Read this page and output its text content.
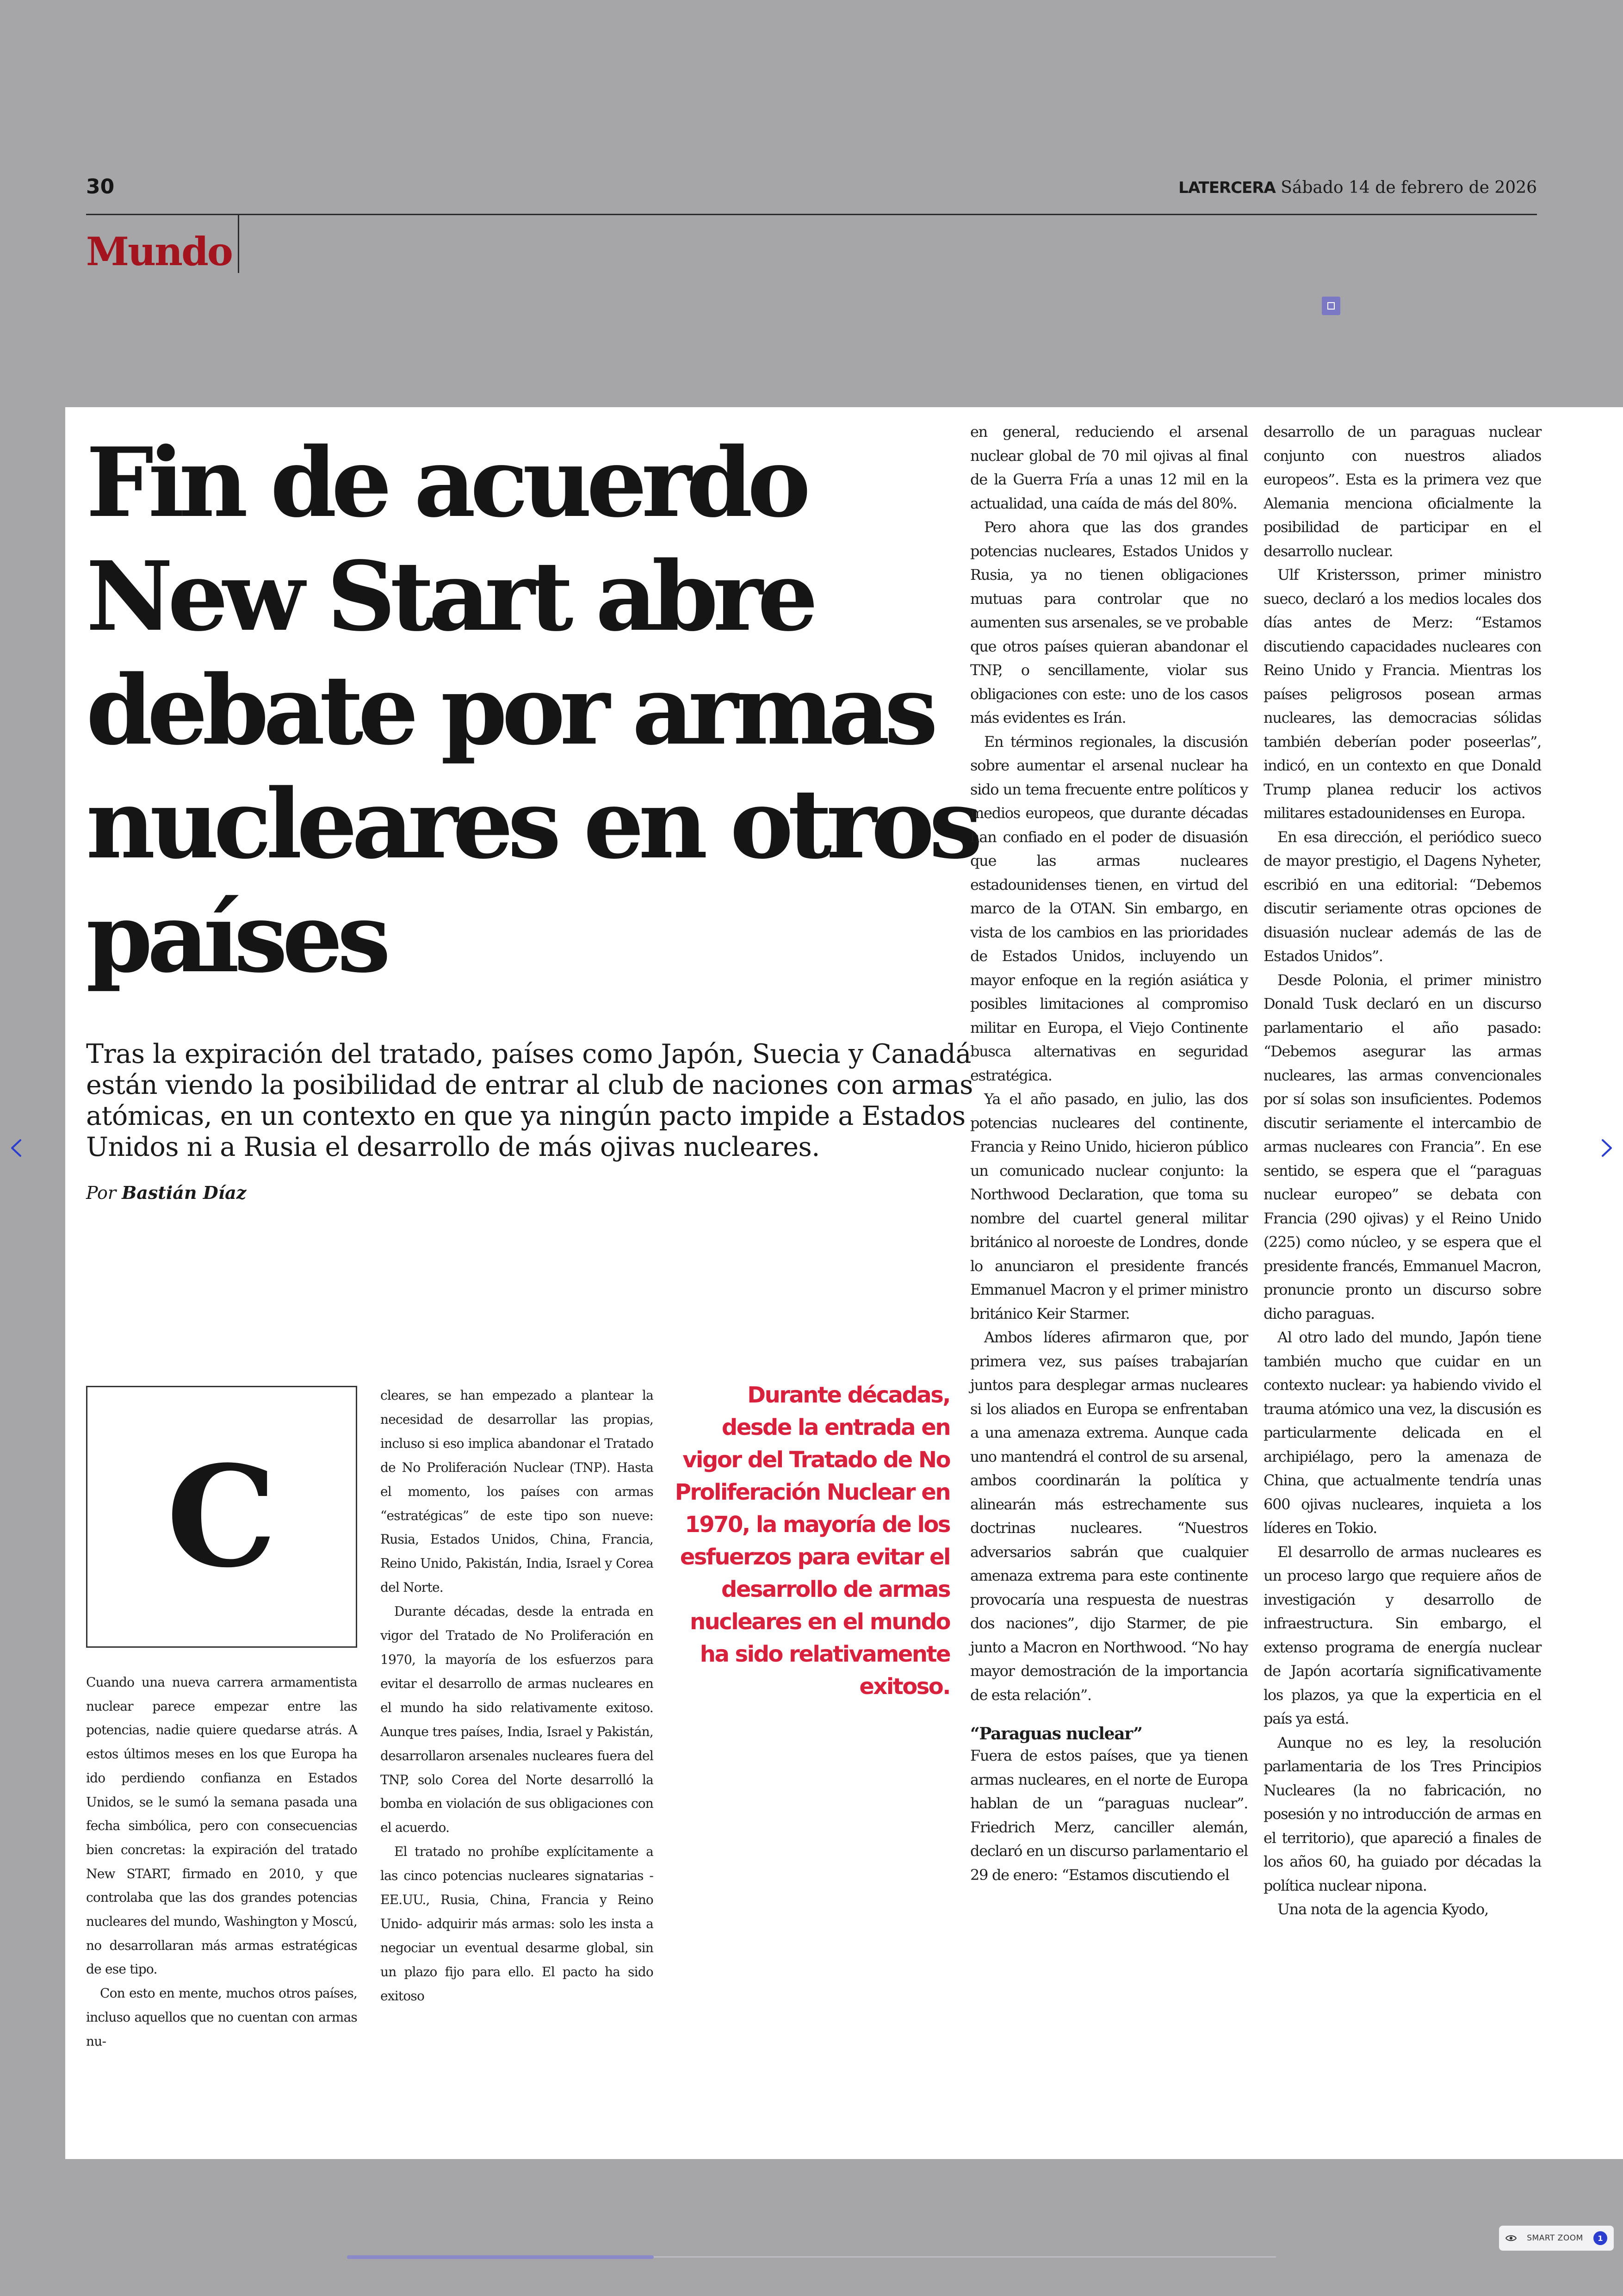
30	LATERCERA Sábado 14 de febrero de 2026
Mundo
Fin de acuerdo New Start abre debate por armas nucleares en otros países

Tras la expiración del tratado, países como Japón, Suecia y Canadá están viendo la posibilidad de entrar al club de naciones con armas atómicas, en un contexto en que ya ningún pacto impide a Estados Unidos ni a Rusia el desarrollo de más ojivas nucleares.

Por Bastián Díaz
C

Cuando una nueva carrera armamentista nuclear parece empezar entre las potencias, nadie quiere quedarse atrás. A estos últimos meses en los que Europa ha ido perdiendo confianza en Estados Unidos, se le sumó la semana pasada una fecha simbólica, pero con consecuencias bien concretas: la expiración del tratado New START, firmado en 2010, y que controlaba que las dos grandes potencias nucleares del mundo, Washington y Moscú, no desarrollaran más armas estratégicas de ese tipo.

Con esto en mente, muchos otros países, incluso aquellos que no cuentan con armas nu-

cleares, se han empezado a plantear la necesidad de desarrollar las propias, incluso si eso implica abandonar el Tratado de No Proliferación Nuclear (TNP). Hasta el momento, los países con armas “estratégicas” de este tipo son nueve: Rusia, Estados Unidos, China, Francia, Reino Unido, Pakistán, India, Israel y Corea del Norte.

Durante décadas, desde la entrada en vigor del Tratado de No Proliferación en 1970, la mayoría de los esfuerzos para evitar el desarrollo de armas nucleares en el mundo ha sido relativamente exitoso. Aunque tres países, India, Israel y Pakistán, desarrollaron arsenales nucleares fuera del TNP, solo Corea del Norte desarrolló la bomba en violación de sus obligaciones con el acuerdo.

El tratado no prohíbe explícitamente a las cinco potencias nucleares signatarias -EE.UU., Rusia, China, Francia y Reino Unido- adquirir más armas: solo les insta a negociar un eventual desarme global, sin un plazo fijo para ello. El pacto ha sido exitoso

Durante décadas, desde la entrada en vigor del Tratado de No Proliferación Nuclear en 1970, la mayoría de los esfuerzos para evitar el desarrollo de armas nucleares en el mundo ha sido relativamente exitoso.

en general, reduciendo el arsenal nuclear global de 70 mil ojivas al final de la Guerra Fría a unas 12 mil en la actualidad, una caída de más del 80%.

Pero ahora que las dos grandes potencias nucleares, Estados Unidos y Rusia, ya no tienen obligaciones mutuas para controlar que no aumenten sus arsenales, se ve probable que otros países quieran abandonar el TNP, o sencillamente, violar sus obligaciones con este: uno de los casos más evidentes es Irán.

En términos regionales, la discusión sobre aumentar el arsenal nuclear ha sido un tema frecuente entre políticos y medios europeos, que durante décadas han confiado en el poder de disuasión que las armas nucleares estadounidenses tienen, en virtud del marco de la OTAN. Sin embargo, en vista de los cambios en las prioridades de Estados Unidos, incluyendo un mayor enfoque en la región asiática y posibles limitaciones al compromiso militar en Europa, el Viejo Continente busca alternativas en seguridad estratégica.

Ya el año pasado, en julio, las dos potencias nucleares del continente, Francia y Reino Unido, hicieron público un comunicado nuclear conjunto: la Northwood Declaration, que toma su nombre del cuartel general militar británico al noroeste de Londres, donde lo anunciaron el presidente francés Emmanuel Macron y el primer ministro británico Keir Starmer.

Ambos líderes afirmaron que, por primera vez, sus países trabajarían juntos para desplegar armas nucleares si los aliados en Europa se enfrentaban a una amenaza extrema. Aunque cada uno mantendrá el control de su arsenal, ambos coordinarán la política y alinearán más estrechamente sus doctrinas nucleares. “Nuestros adversarios sabrán que cualquier amenaza extrema para este continente provocaría una respuesta de nuestras dos naciones”, dijo Starmer, de pie junto a Macron en Northwood. “No hay mayor demostración de la importancia de esta relación”.

“Paraguas nuclear”

Fuera de estos países, que ya tienen armas nucleares, en el norte de Europa hablan de un “paraguas nuclear”. Friedrich Merz, canciller alemán, declaró en un discurso parlamentario el 29 de enero: “Estamos discutiendo el

desarrollo de un paraguas nuclear conjunto con nuestros aliados europeos”. Esta es la primera vez que Alemania menciona oficialmente la posibilidad de participar en el desarrollo nuclear.

Ulf Kristersson, primer ministro sueco, declaró a los medios locales dos días antes de Merz: “Estamos discutiendo capacidades nucleares con Reino Unido y Francia. Mientras los países peligrosos posean armas nucleares, las democracias sólidas también deberían poder poseerlas”, indicó, en un contexto en que Donald Trump planea reducir los activos militares estadounidenses en Europa.

En esa dirección, el periódico sueco de mayor prestigio, el Dagens Nyheter, escribió en una editorial: “Debemos discutir seriamente otras opciones de disuasión nuclear además de las de Estados Unidos”.

Desde Polonia, el primer ministro Donald Tusk declaró en un discurso parlamentario el año pasado: “Debemos asegurar las armas nucleares, las armas convencionales por sí solas son insuficientes. Podemos discutir seriamente el intercambio de armas nucleares con Francia”. En ese sentido, se espera que el “paraguas nuclear europeo” se debata con Francia (290 ojivas) y el Reino Unido (225) como núcleo, y se espera que el presidente francés, Emmanuel Macron, pronuncie pronto un discurso sobre dicho paraguas.

Al otro lado del mundo, Japón tiene también mucho que cuidar en un contexto nuclear: ya habiendo vivido el trauma atómico una vez, la discusión es particularmente delicada en el archipiélago, pero la amenaza de China, que actualmente tendría unas 600 ojivas nucleares, inquieta a los líderes en Tokio.

El desarrollo de armas nucleares es un proceso largo que requiere años de investigación y desarrollo de infraestructura. Sin embargo, el extenso programa de energía nuclear de Japón acortaría significativamente los plazos, ya que la experticia en el país ya está.

Aunque no es ley, la resolución parlamentaria de los Tres Principios Nucleares (la no fabricación, no posesión y no introducción de armas en el territorio), que apareció a finales de los años 60, ha guiado por décadas la política nuclear nipona.

Una nota de la agencia Kyodo,

SMART ZOOM	1
